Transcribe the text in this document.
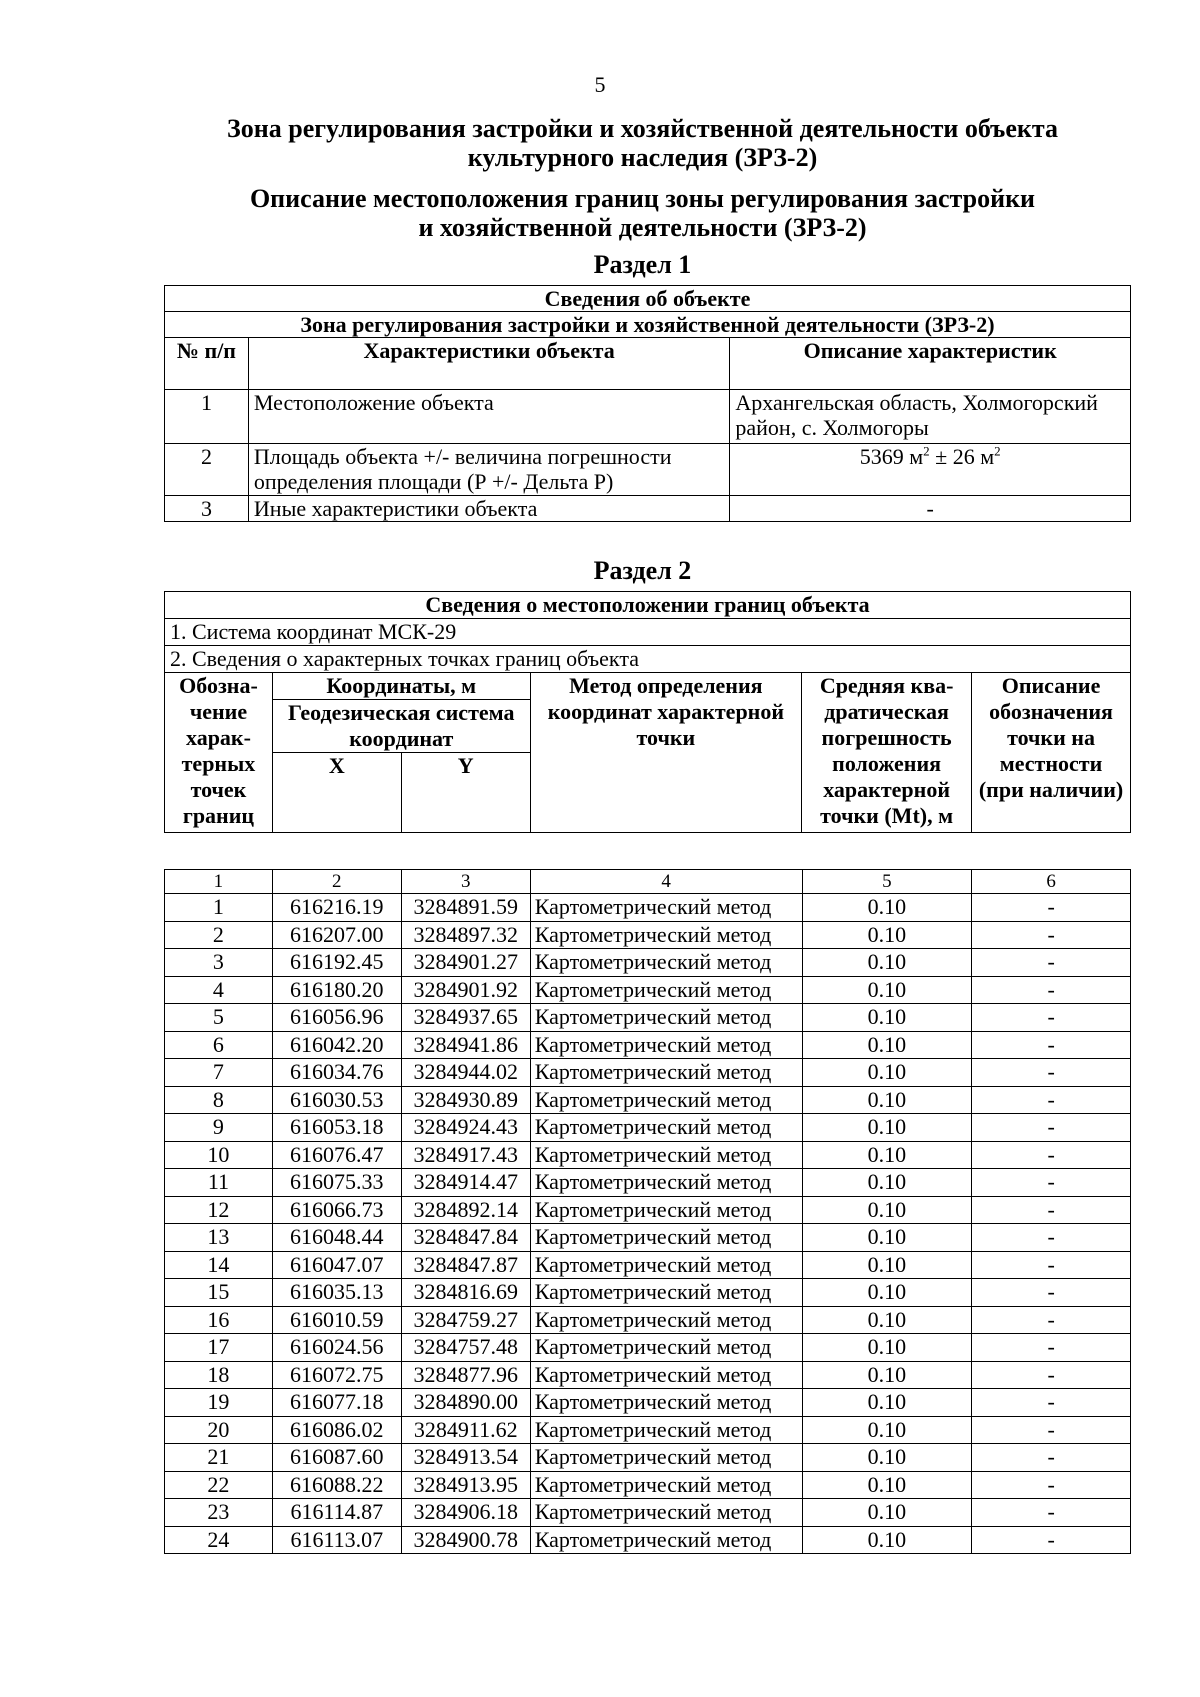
5
Зона регулирования застройки и хозяйственной деятельности объекта
культурного наследия (ЗРЗ-2)
Описание местоположения границ зоны регулирования застройки
и хозяйственной деятельности (ЗРЗ-2)
Раздел 1
Сведения об объекте		
Зона регулирования застройки и хозяйственной деятельности (ЗРЗ-2)		
№ п/п	Характеристики объекта	Описание характеристик
1	Местоположение объекта	Архангельская область, Холмогорский район, с. Холмогоры
2	Площадь объекта +/- величина погрешности определения площади (Р +/- Дельта Р)	5369 $м^2 \pm 26$ $м^2$
3	Иные характеристики объекта	-
Раздел 2
Сведения о местоположении границ объекта					
1. Система координат МСК-29					
2. Сведения о характерных точках границ объекта					
Обозна- чение харак- терных точек границ	Координаты, м		Метод определения координат характерной точки	Средняя ква- дратическая погрешность положения характерной точки (Mt), м	Описание обозначения точки на местности (при наличии)
	Геодезическая система координат				
	X	Y			
1	2	3	4	5	6
1	616216.19	3284891.59	Картометрический метод	0.10	-
2	616207.00	3284897.32	Картометрический метод	0.10	-
3	616192.45	3284901.27	Картометрический метод	0.10	-
4	616180.20	3284901.92	Картометрический метод	0.10	-
5	616056.96	3284937.65	Картометрический метод	0.10	-
6	616042.20	3284941.86	Картометрический метод	0.10	-
7	616034.76	3284944.02	Картометрический метод	0.10	-
8	616030.53	3284930.89	Картометрический метод	0.10	-
9	616053.18	3284924.43	Картометрический метод	0.10	-
10	616076.47	3284917.43	Картометрический метод	0.10	-
11	616075.33	3284914.47	Картометрический метод	0.10	-
12	616066.73	3284892.14	Картометрический метод	0.10	-
13	616048.44	3284847.84	Картометрический метод	0.10	-
14	616047.07	3284847.87	Картометрический метод	0.10	-
15	616035.13	3284816.69	Картометрический метод	0.10	-
16	616010.59	3284759.27	Картометрический метод	0.10	-
17	616024.56	3284757.48	Картометрический метод	0.10	-
18	616072.75	3284877.96	Картометрический метод	0.10	-
19	616077.18	3284890.00	Картометрический метод	0.10	-
20	616086.02	3284911.62	Картометрический метод	0.10	-
21	616087.60	3284913.54	Картометрический метод	0.10	-
22	616088.22	3284913.95	Картометрический метод	0.10	-
23	616114.87	3284906.18	Картометрический метод	0.10	-
24	616113.07	3284900.78	Картометрический метод	0.10	-
